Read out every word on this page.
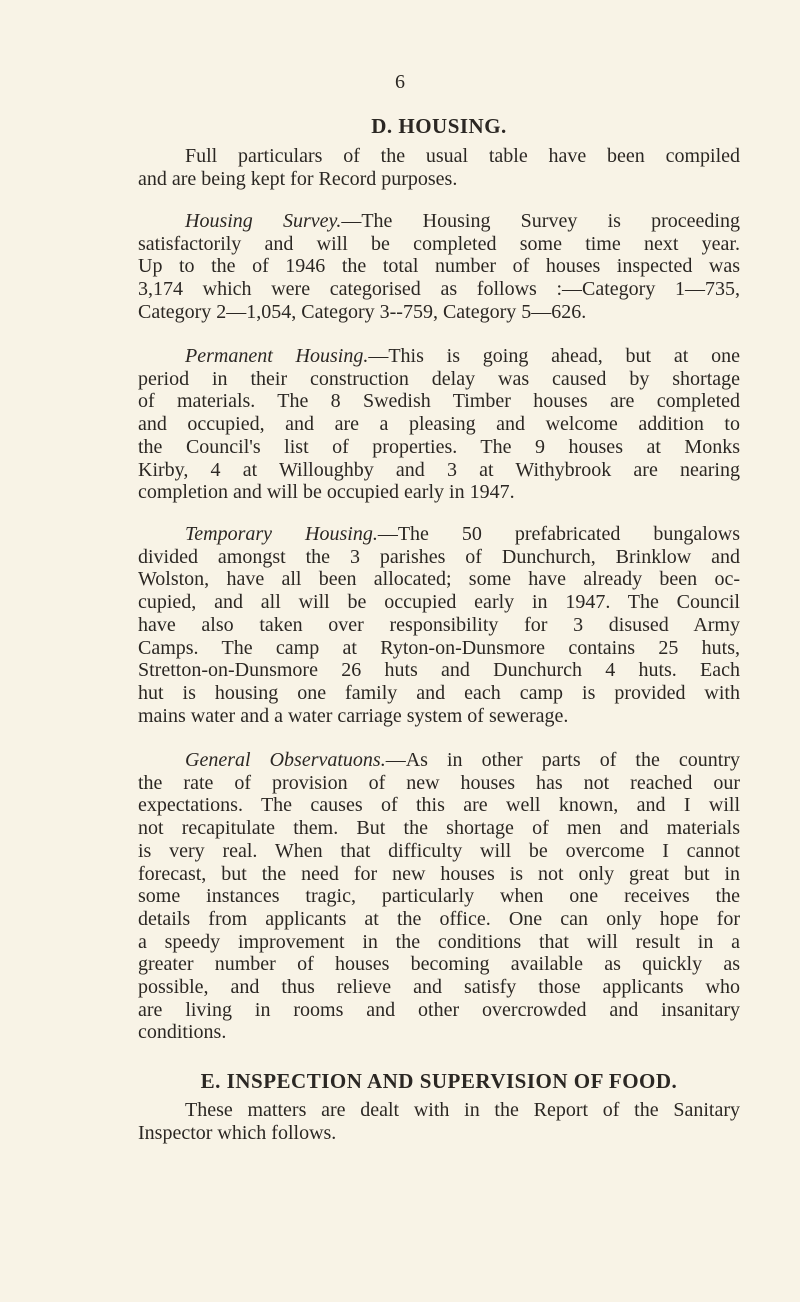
6
D. HOUSING.
Full particulars of the usual table have been compiled
and are being kept for Record purposes.
Housing Survey.—The Housing Survey is proceeding
satisfactorily and will be completed some time next year.
Up to the of 1946 the total number of houses inspected was
3,174 which were categorised as follows :—Category 1—735,
Category 2—1,054, Category 3--759, Category 5—626.
Permanent Housing.—This is going ahead, but at one
period in their construction delay was caused by shortage
of materials. The 8 Swedish Timber houses are completed
and occupied, and are a pleasing and welcome addition to
the Council's list of properties. The 9 houses at Monks
Kirby, 4 at Willoughby and 3 at Withybrook are nearing
completion and will be occupied early in 1947.
Temporary Housing.—The 50 prefabricated bungalows
divided amongst the 3 parishes of Dunchurch, Brinklow and
Wolston, have all been allocated; some have already been oc-
cupied, and all will be occupied early in 1947. The Council
have also taken over responsibility for 3 disused Army
Camps. The camp at Ryton-on-Dunsmore contains 25 huts,
Stretton-on-Dunsmore 26 huts and Dunchurch 4 huts. Each
hut is housing one family and each camp is provided with
mains water and a water carriage system of sewerage.
General Observatuons.—As in other parts of the country
the rate of provision of new houses has not reached our
expectations. The causes of this are well known, and I will
not recapitulate them. But the shortage of men and materials
is very real. When that difficulty will be overcome I cannot
forecast, but the need for new houses is not only great but in
some instances tragic, particularly when one receives the
details from applicants at the office. One can only hope for
a speedy improvement in the conditions that will result in a
greater number of houses becoming available as quickly as
possible, and thus relieve and satisfy those applicants who
are living in rooms and other overcrowded and insanitary
conditions.
E. INSPECTION AND SUPERVISION OF FOOD.
These matters are dealt with in the Report of the Sanitary
Inspector which follows.
